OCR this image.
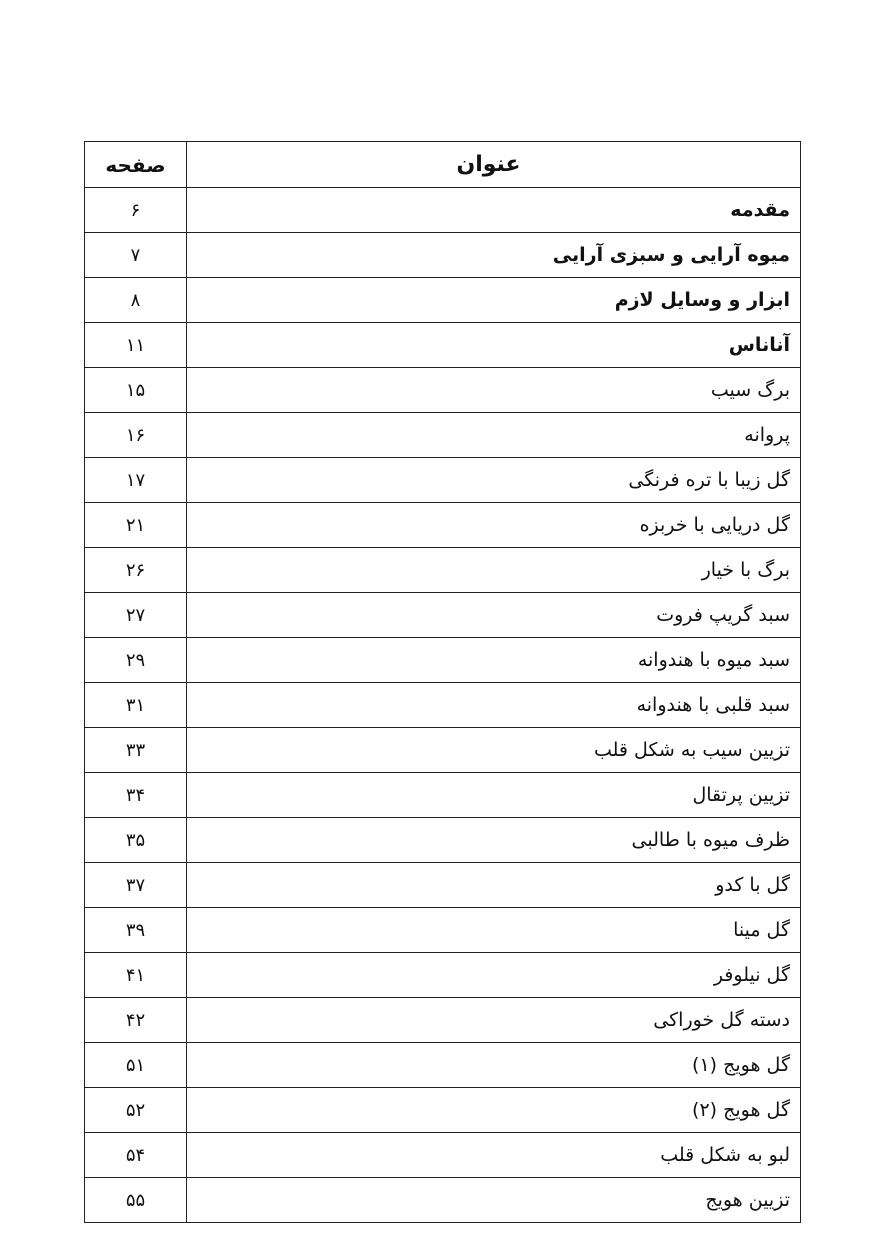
عنوان	صفحه
مقدمه	۶
میوه آرایی و سبزی آرایی	۷
ابزار و وسایل لازم	۸
آناناس	۱۱
برگ سیب	۱۵
پروانه	۱۶
گل زیبا با تره فرنگی	۱۷
گل دریایی با خربزه	۲۱
برگ با خیار	۲۶
سبد گریپ فروت	۲۷
سبد میوه با هندوانه	۲۹
سبد قلبی با هندوانه	۳۱
تزیین سیب به شکل قلب	۳۳
تزیین پرتقال	۳۴
ظرف میوه با طالبی	۳۵
گل با کدو	۳۷
گل مینا	۳۹
گل نیلوفر	۴۱
دسته گل خوراکی	۴۲
گل هویج (۱)	۵۱
گل هویج (۲)	۵۲
لبو به شکل قلب	۵۴
تزیین هویج	۵۵
